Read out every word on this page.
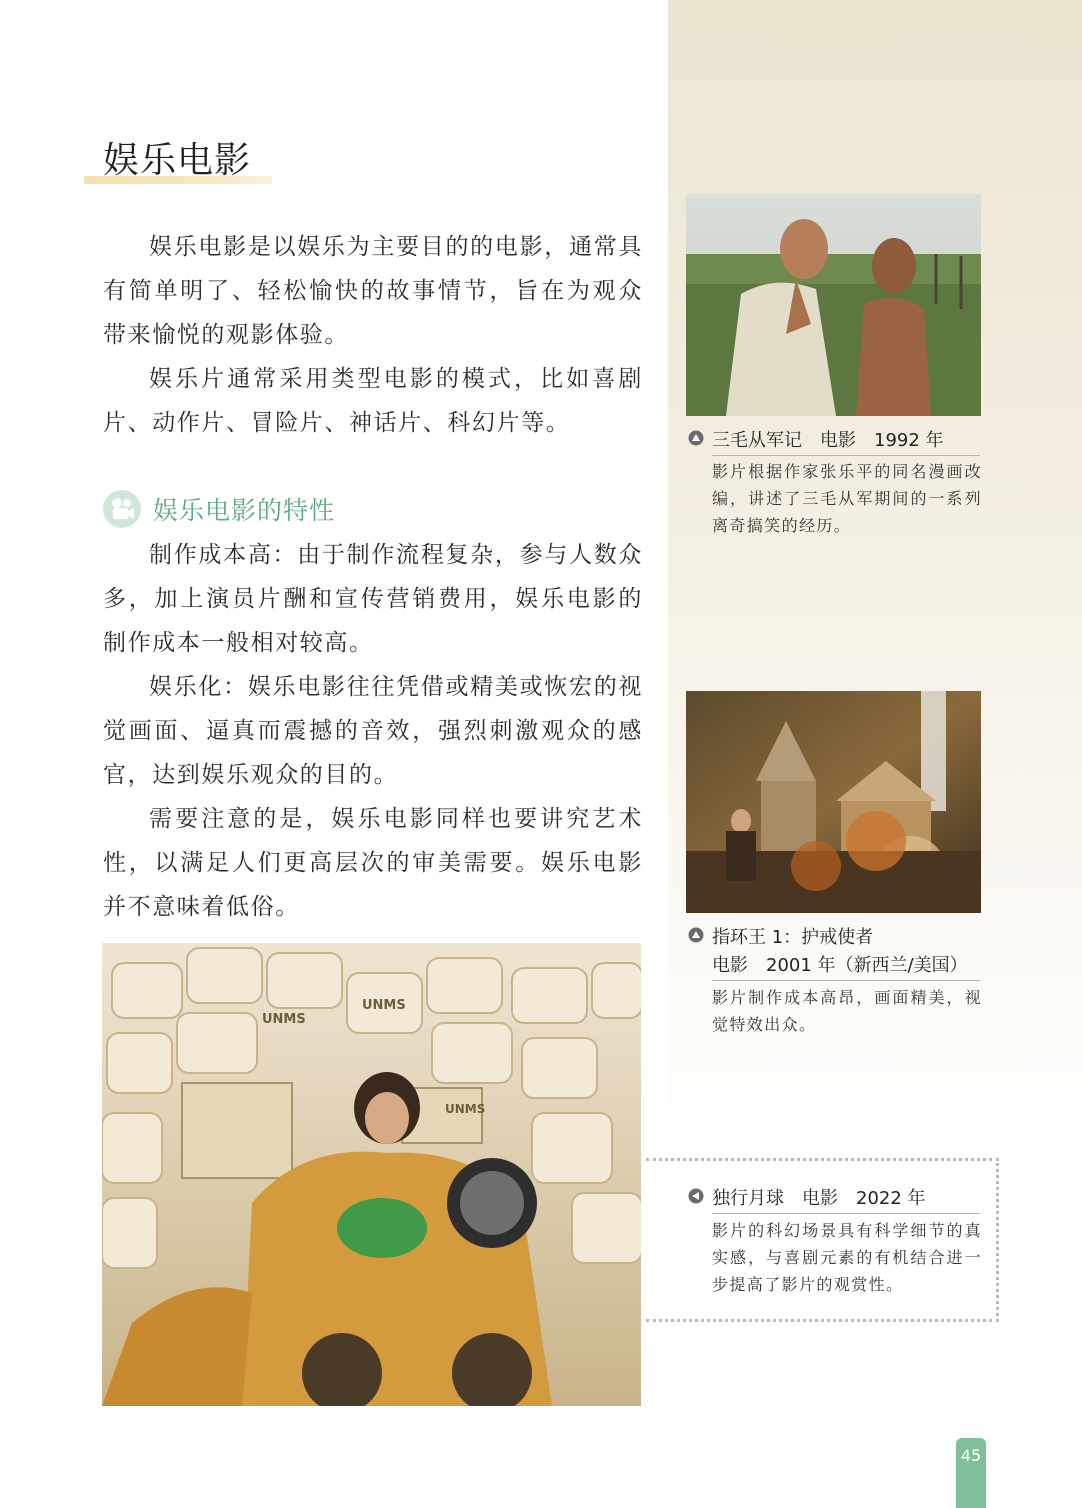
娱乐电影

娱乐电影是以娱乐为主要目的的电影，通常具有简单明了、轻松愉快的故事情节，旨在为观众带来愉悦的观影体验。

娱乐片通常采用类型电影的模式，比如喜剧片、动作片、冒险片、神话片、科幻片等。

娱乐电影的特性

制作成本高：由于制作流程复杂，参与人数众多，加上演员片酬和宣传营销费用，娱乐电影的制作成本一般相对较高。

娱乐化：娱乐电影往往凭借或精美或恢宏的视觉画面、逼真而震撼的音效，强烈刺激观众的感官，达到娱乐观众的目的。

需要注意的是，娱乐电影同样也要讲究艺术性，以满足人们更高层次的审美需要。娱乐电影并不意味着低俗。

三毛从军记　电影　1992 年

影片根据作家张乐平的同名漫画改编，讲述了三毛从军期间的一系列离奇搞笑的经历。

指环王 1：护戒使者
电影　2001 年（新西兰/美国）

影片制作成本高昂，画面精美，视觉特效出众。

UNMS
UNMS
UNMS
独行月球　电影　2022 年

影片的科幻场景具有科学细节的真实感，与喜剧元素的有机结合进一步提高了影片的观赏性。

45
